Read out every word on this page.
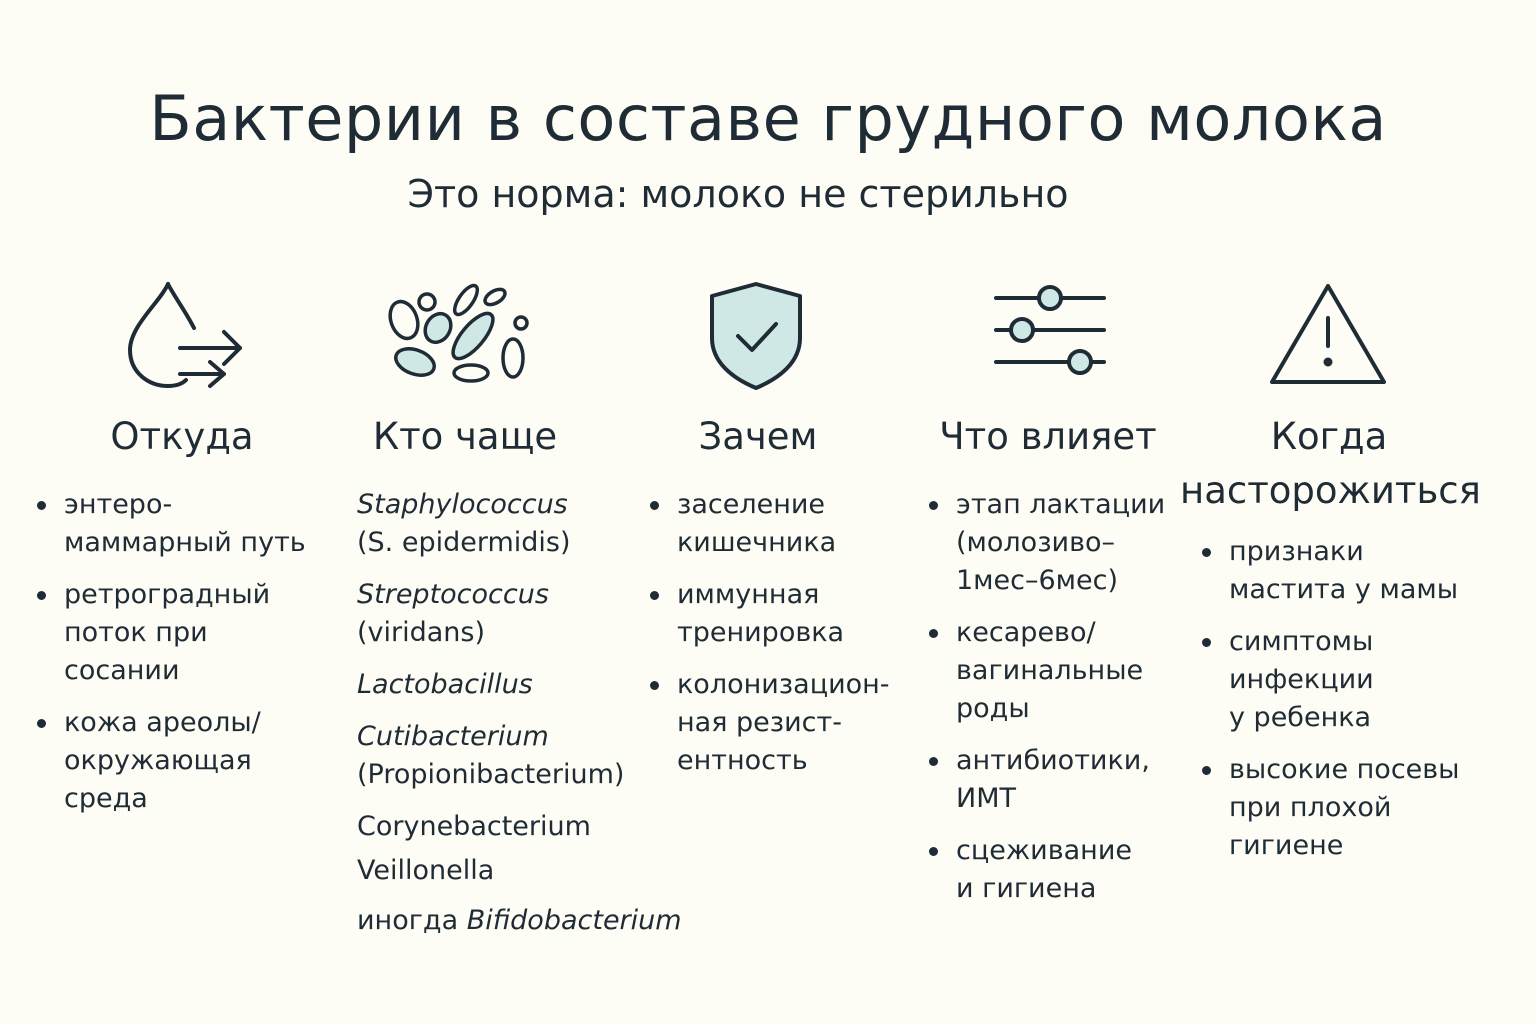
Бактерии в составе грудного молока
Это норма: молоко не стерильно
Откуда	Кто чаще	Зачем	Что влияет	Когда
насторожиться
энтеро-
маммарный путь
ретроградный
поток при
сосании
кожа ареолы/
окружающая
среда
Staphylococcus
(S. epidermidis)
Streptococcus
(viridans)
Lactobacillus
Cutibacterium
(Propionibacterium)
Corynebacterium
Veillonella
иногда Bifidobacterium
заселение
кишечника
иммунная
тренировка
колонизацион-
ная резист-
ентность
этап лактации
(молозиво–
1мес–6мес)
кесарево/
вагинальные
роды
антибиотики,
ИМТ
сцеживание
и гигиена
признаки
мастита у мамы
симптомы
инфекции
у ребенка
высокие посевы
при плохой
гигиене
